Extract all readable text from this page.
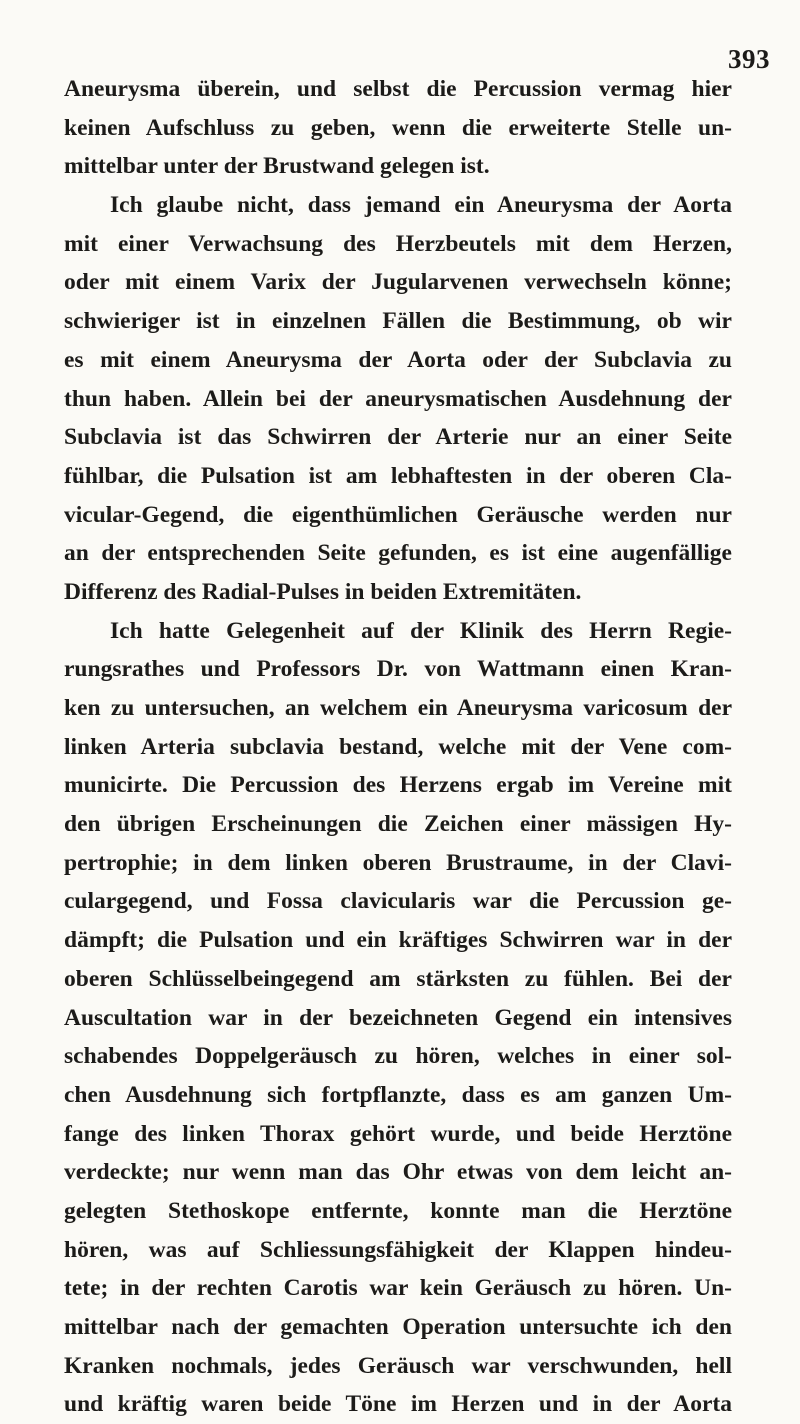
393
Aneurysma überein, und selbst die Percussion vermag hier
keinen Aufschluss zu geben, wenn die erweiterte Stelle un-
mittelbar unter der Brustwand gelegen ist.
Ich glaube nicht, dass jemand ein Aneurysma der Aorta
mit einer Verwachsung des Herzbeutels mit dem Herzen,
oder mit einem Varix der Jugularvenen verwechseln könne;
schwieriger ist in einzelnen Fällen die Bestimmung, ob wir
es mit einem Aneurysma der Aorta oder der Subclavia zu
thun haben. Allein bei der aneurysmatischen Ausdehnung der
Subclavia ist das Schwirren der Arterie nur an einer Seite
fühlbar, die Pulsation ist am lebhaftesten in der oberen Cla-
vicular-Gegend, die eigenthümlichen Geräusche werden nur
an der entsprechenden Seite gefunden, es ist eine augenfällige
Differenz des Radial-Pulses in beiden Extremitäten.
Ich hatte Gelegenheit auf der Klinik des Herrn Regie-
rungsrathes und Professors Dr. von Wattmann einen Kran-
ken zu untersuchen, an welchem ein Aneurysma varicosum der
linken Arteria subclavia bestand, welche mit der Vene com-
municirte. Die Percussion des Herzens ergab im Vereine mit
den übrigen Erscheinungen die Zeichen einer mässigen Hy-
pertrophie; in dem linken oberen Brustraume, in der Clavi-
culargegend, und Fossa clavicularis war die Percussion ge-
dämpft; die Pulsation und ein kräftiges Schwirren war in der
oberen Schlüsselbeingegend am stärksten zu fühlen. Bei der
Auscultation war in der bezeichneten Gegend ein intensives
schabendes Doppelgeräusch zu hören, welches in einer sol-
chen Ausdehnung sich fortpflanzte, dass es am ganzen Um-
fange des linken Thorax gehört wurde, und beide Herztöne
verdeckte; nur wenn man das Ohr etwas von dem leicht an-
gelegten Stethoskope entfernte, konnte man die Herztöne
hören, was auf Schliessungsfähigkeit der Klappen hindeu-
tete; in der rechten Carotis war kein Geräusch zu hören. Un-
mittelbar nach der gemachten Operation untersuchte ich den
Kranken nochmals, jedes Geräusch war verschwunden, hell
und kräftig waren beide Töne im Herzen und in der Aorta
